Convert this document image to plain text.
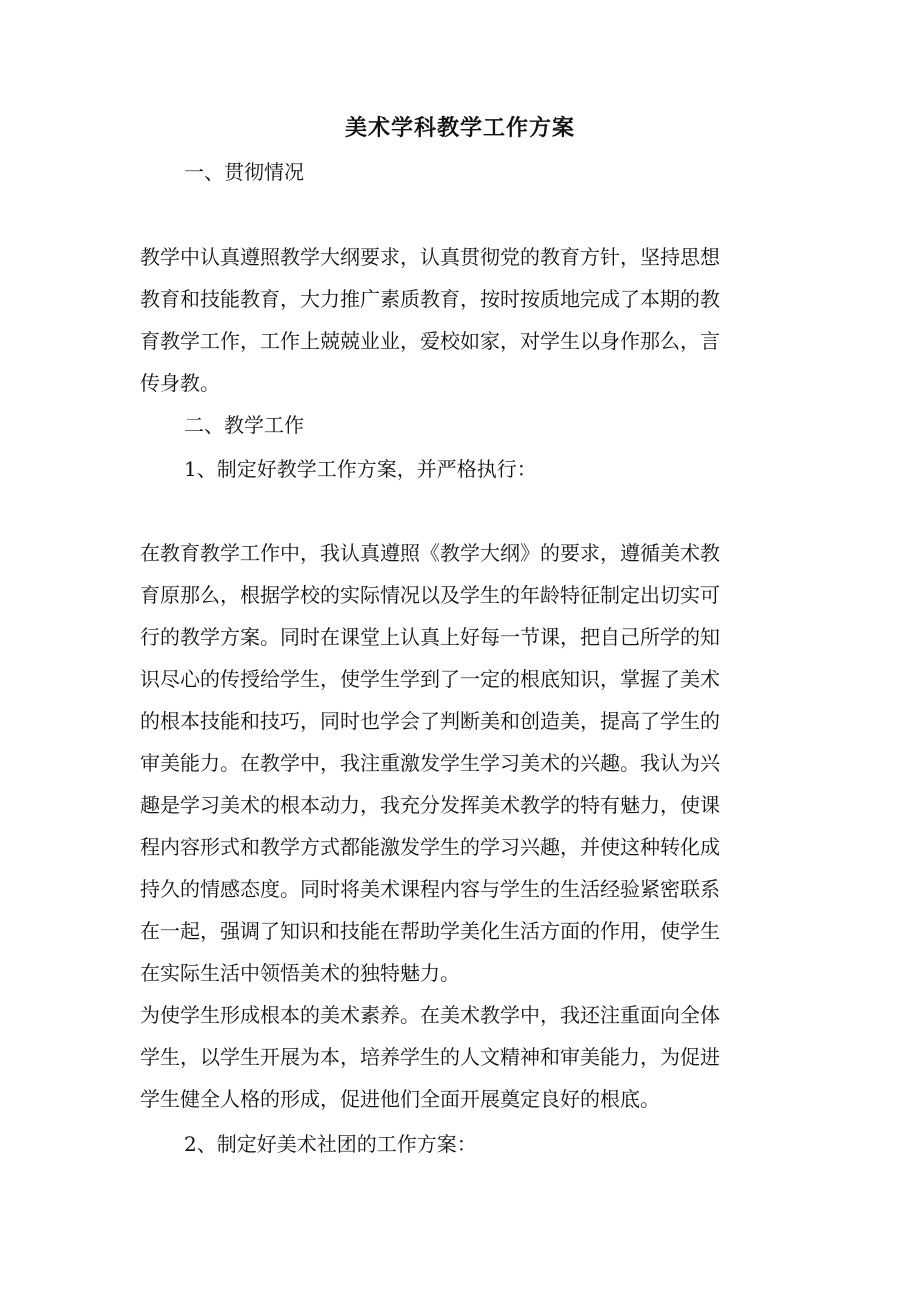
美术学科教学工作方案
一、贯彻情况
教学中认真遵照教学大纲要求，认真贯彻党的教育方针，坚持思想
教育和技能教育，大力推广素质教育，按时按质地完成了本期的教
育教学工作，工作上兢兢业业，爱校如家，对学生以身作那么，言
传身教。
二、教学工作
1、制定好教学工作方案，并严格执行：
在教育教学工作中，我认真遵照《教学大纲》的要求，遵循美术教
育原那么，根据学校的实际情况以及学生的年龄特征制定出切实可
行的教学方案。同时在课堂上认真上好每一节课，把自己所学的知
识尽心的传授给学生，使学生学到了一定的根底知识，掌握了美术
的根本技能和技巧，同时也学会了判断美和创造美，提高了学生的
审美能力。在教学中，我注重激发学生学习美术的兴趣。我认为兴
趣是学习美术的根本动力，我充分发挥美术教学的特有魅力，使课
程内容形式和教学方式都能激发学生的学习兴趣，并使这种转化成
持久的情感态度。同时将美术课程内容与学生的生活经验紧密联系
在一起，强调了知识和技能在帮助学美化生活方面的作用，使学生
在实际生活中领悟美术的独特魅力。
为使学生形成根本的美术素养。在美术教学中，我还注重面向全体
学生，以学生开展为本，培养学生的人文精神和审美能力，为促进
学生健全人格的形成，促进他们全面开展奠定良好的根底。
2、制定好美术社团的工作方案：
